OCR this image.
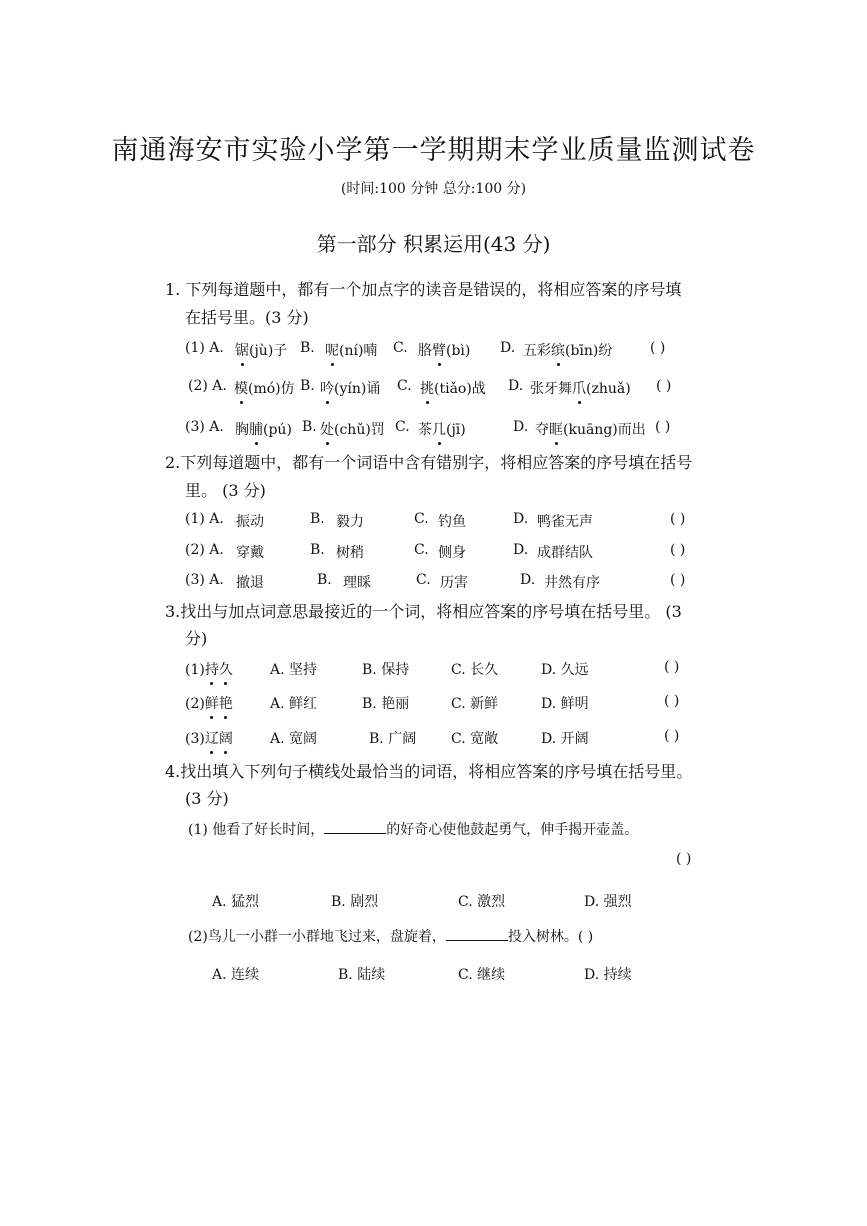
南通海安市实验小学第一学期期末学业质量监测试卷
(时间:100 分钟 总分:100 分)
第一部分 积累运用(43 分)
1. 下列每道题中，都有一个加点字的读音是错误的，将相应答案的序号填
在括号里。(3 分)
(1) A. 锯(jù)子 B. 呢(ní)喃 C. 胳臂(bì) D. 五彩缤(bīn)纷	( )
(2) A. 模(mó)仿 B. 吟(yín)诵 C. 挑(tiǎo)战 D. 张牙舞爪(zhuǎ) ( )
(3) A. 胸脯(pú) B. 处(chǔ)罚 C. 茶几(jī)	D. 夺眶(kuāng)而出 ( )
2.下列每道题中，都有一个词语中含有错别字，将相应答案的序号填在括号
里。 (3 分)
(1) A. 振动	B. 毅力	C. 钓鱼	D. 鸭雀无声	( )
(2) A. 穿戴	B. 树稍	C. 侧身	D. 成群结队	( )
(3) A. 撤退	B. 理睬	C. 历害	D. 井然有序	( )
3.找出与加点词意思最接近的一个词，将相应答案的序号填在括号里。 (3
分)
(1)持久	A. 坚持	B. 保持	C. 长久	D. 久远	( )
(2)鲜艳	A. 鲜红	B. 艳丽	C. 新鲜	D. 鲜明	( )
(3)辽阔	A. 宽阔	B. 广阔 C. 宽敞	D. 开阔	( )
4.找出填入下列句子横线处最恰当的词语，将相应答案的序号填在括号里。
(3 分)
(1) 他看了好长时间，	的好奇心使他鼓起勇气，伸手揭开壶盖。
( )
A. 猛烈	B. 剧烈	C. 激烈	D. 强烈
(2)鸟儿一小群一小群地飞过来，盘旋着，	投入树林。( )
A. 连续	B. 陆续	C. 继续	D. 持续
